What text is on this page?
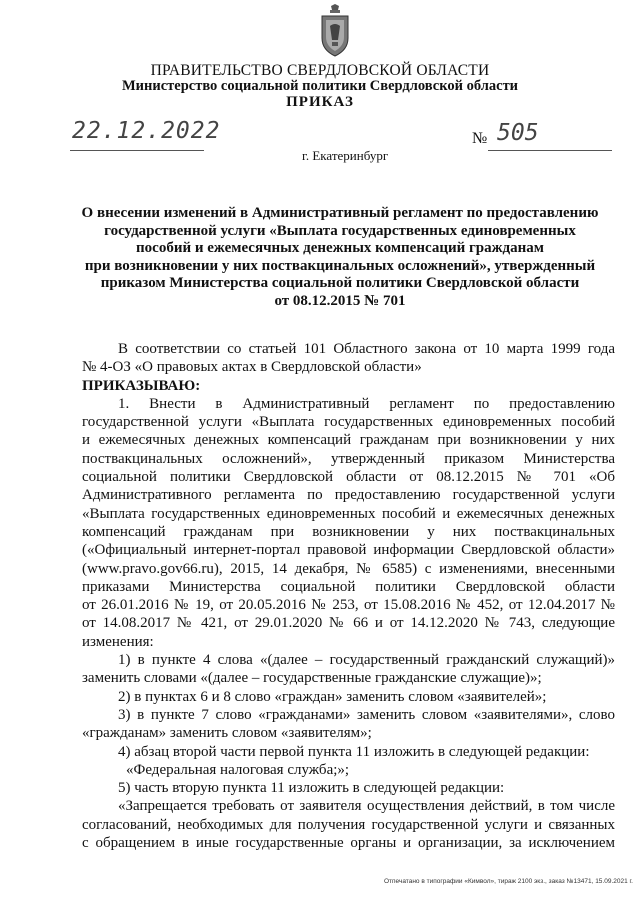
ПРАВИТЕЛЬСТВО СВЕРДЛОВСКОЙ ОБЛАСТИ
Министерство социальной политики Свердловской области
ПРИКАЗ
22.12.2022	№ 505
г. Екатеринбург
О внесении изменений в Административный регламент по предоставлению
государственной услуги «Выплата государственных единовременных
пособий и ежемесячных денежных компенсаций гражданам
при возникновении у них поствакцинальных осложнений», утвержденный
приказом Министерства социальной политики Свердловской области
от 08.12.2015 № 701
В соответствии со статьей 101 Областного закона от 10 марта 1999 года
№ 4-ОЗ «О правовых актах в Свердловской области»
ПРИКАЗЫВАЮ:
1. Внести в Административный регламент по предоставлению
государственной услуги «Выплата государственных единовременных пособий
и ежемесячных денежных компенсаций гражданам при возникновении у них
поствакцинальных осложнений», утвержденный приказом Министерства
социальной политики Свердловской области от 08.12.2015 № 701 «Об
Административного регламента по предоставлению государственной услуги
«Выплата государственных единовременных пособий и ежемесячных денежных
компенсаций гражданам при возникновении у них поствакцинальных
(«Официальный интернет-портал правовой информации Свердловской области»
(www.pravo.gov66.ru), 2015, 14 декабря, № 6585) с изменениями, внесенными
приказами Министерства социальной политики Свердловской области
от 26.01.2016 № 19, от 20.05.2016 № 253, от 15.08.2016 № 452, от 12.04.2017 №
от 14.08.2017 № 421, от 29.01.2020 № 66 и от 14.12.2020 № 743, следующие
изменения:
1) в пункте 4 слова «(далее – государственный гражданский служащий)»
заменить словами «(далее – государственные гражданские служащие)»;
2) в пунктах 6 и 8 слово «граждан» заменить словом «заявителей»;
3) в пункте 7 слово «гражданами» заменить словом «заявителями», слово
«гражданам» заменить словом «заявителям»;
4) абзац второй части первой пункта 11 изложить в следующей редакции:
«Федеральная налоговая служба;»;
5) часть вторую пункта 11 изложить в следующей редакции:
«Запрещается требовать от заявителя осуществления действий, в том числе
согласований, необходимых для получения государственной услуги и связанных
с обращением в иные государственные органы и организации, за исключением
Отпечатано в типографии «Кимвол», тираж 2100 экз., заказ №13471, 15.09.2021 г.
